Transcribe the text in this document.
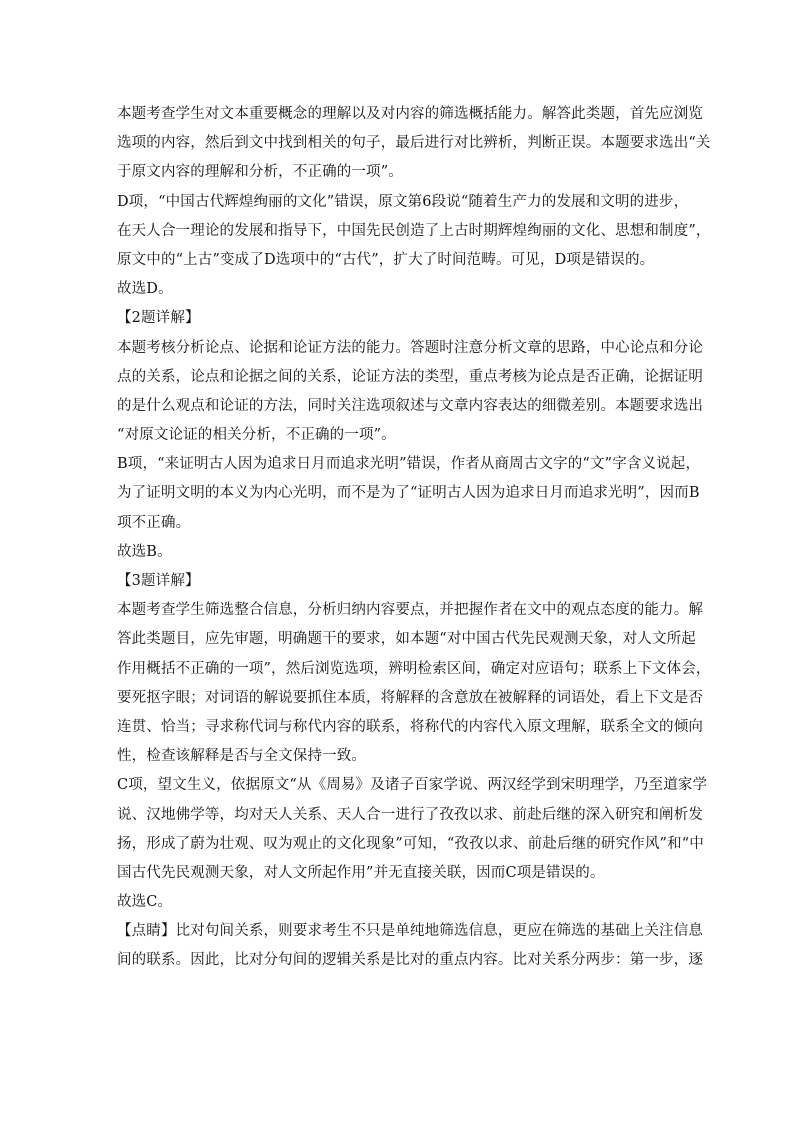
本题考查学生对文本重要概念的理解以及对内容的筛选概括能力。解答此类题，首先应浏览
选项的内容，然后到文中找到相关的句子，最后进行对比辨析，判断正误。本题要求选出“关
于原文内容的理解和分析，不正确的一项”。
D项，“中国古代辉煌绚丽的文化”错误，原文第6段说“随着生产力的发展和文明的进步，
在天人合一理论的发展和指导下，中国先民创造了上古时期辉煌绚丽的文化、思想和制度”，
原文中的“上古”变成了D选项中的“古代”，扩大了时间范畴。可见，D项是错误的。
故选D。
【2题详解】
本题考核分析论点、论据和论证方法的能力。答题时注意分析文章的思路，中心论点和分论
点的关系，论点和论据之间的关系，论证方法的类型，重点考核为论点是否正确，论据证明
的是什么观点和论证的方法，同时关注选项叙述与文章内容表达的细微差别。本题要求选出
“对原文论证的相关分析，不正确的一项”。
B项，“来证明古人因为追求日月而追求光明”错误，作者从商周古文字的“文”字含义说起，
为了证明文明的本义为内心光明，而不是为了“证明古人因为追求日月而追求光明”，因而B
项不正确。
故选B。
【3题详解】
本题考查学生筛选整合信息，分析归纳内容要点，并把握作者在文中的观点态度的能力。解
答此类题目，应先审题，明确题干的要求，如本题“对中国古代先民观测天象，对人文所起
作用概括不正确的一项”，然后浏览选项，辨明检索区间，确定对应语句；联系上下文体会，
要死抠字眼；对词语的解说要抓住本质，将解释的含意放在被解释的词语处，看上下文是否
连贯、恰当；寻求称代词与称代内容的联系，将称代的内容代入原文理解，联系全文的倾向
性，检查该解释是否与全文保持一致。
C项，望文生义，依据原文“从《周易》及诸子百家学说、两汉经学到宋明理学，乃至道家学
说、汉地佛学等，均对天人关系、天人合一进行了孜孜以求、前赴后继的深入研究和阐析发
扬，形成了蔚为壮观、叹为观止的文化现象”可知，“孜孜以求、前赴后继的研究作风”和“中
国古代先民观测天象，对人文所起作用”并无直接关联，因而C项是错误的。
故选C。
【点睛】比对句间关系，则要求考生不只是单纯地筛选信息，更应在筛选的基础上关注信息
间的联系。因此，比对分句间的逻辑关系是比对的重点内容。比对关系分两步：第一步，逐
